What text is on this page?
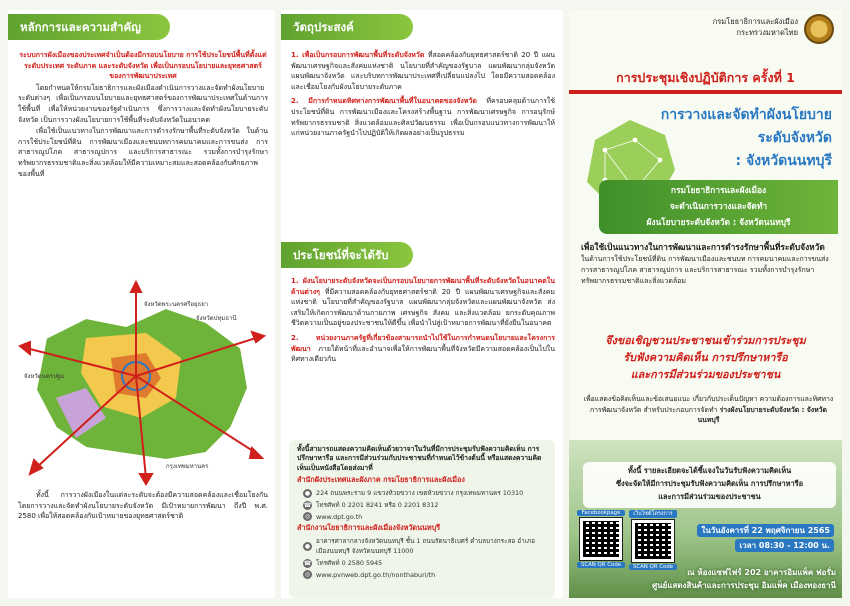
หลักการและความสำคัญ

ระบบการผังเมืองของประเทศจำเป็นต้องมีกรอบนโยบาย การใช้ประโยชน์พื้นที่ตั้งแต่ระดับประเทศ ระดับภาค และระดับจังหวัด เพื่อเป็นกรอบนโยบายและยุทธศาสตร์ของการพัฒนาประเทศ

โดยกำหนดให้กรมโยธาธิการและผังเมืองดำเนินการวางและจัดทำผังนโยบายระดับต่างๆ เพื่อเป็นกรอบนโยบายและยุทธศาสตร์ของการพัฒนาประเทศในด้านการใช้พื้นที่ เพื่อให้หน่วยงานของรัฐดำเนินการ ซึ่งการวางและจัดทำผังนโยบายระดับจังหวัด เป็นการวางผังนโยบายการใช้พื้นที่ระดับจังหวัดในอนาคต

เพื่อใช้เป็นแนวทางในการพัฒนาและการดำรงรักษาพื้นที่ระดับจังหวัด ในด้านการใช้ประโยชน์ที่ดิน การพัฒนาเมืองและชนบทการคมนาคมและการขนส่ง การสาธารณูปโภค สาธารณูปการ และบริการสาธารณะ รวมทั้งการบำรุงรักษาทรัพยากรธรรมชาติและสิ่งแวดล้อมให้มีความเหมาะสมและสอดคล้องกับศักยภาพของพื้นที่

จังหวัดพระนครศรีอยุธยา
จังหวัดปทุมธานี
จังหวัดนครปฐม
กรุงเทพมหานคร

ทั้งนี้ การวางผังเมืองในแต่ละระดับจะต้องมีความสอดคล้องและเชื่อมโยงกัน โดยการวางและจัดทำผังนโยบายระดับจังหวัด มีเป้าหมายการพัฒนา ถึงปี พ.ศ. 2580 เพื่อให้สอดคล้องกับเป้าหมายของยุทธศาสตร์ชาติ

วัตถุประสงค์

1. เพื่อเป็นกรอบการพัฒนาพื้นที่ระดับจังหวัด ที่สอดคล้องกับยุทธศาสตร์ชาติ 20 ปี แผนพัฒนาเศรษฐกิจและสังคมแห่งชาติ นโยบายที่สำคัญของรัฐบาล แผนพัฒนากลุ่มจังหวัด แผนพัฒนาจังหวัด และบริบทการพัฒนาประเทศที่เปลี่ยนแปลงไป โดยมีความสอดคล้องและเชื่อมโยงกับผังนโยบายระดับภาค

2. มีการกำหนดทิศทางการพัฒนาพื้นที่ในอนาคตของจังหวัด ที่ครอบคลุมด้านการใช้ประโยชน์ที่ดิน การพัฒนาเมืองและโครงสร้างพื้นฐาน การพัฒนาเศรษฐกิจ การอนุรักษ์ทรัพยากรธรรมชาติ สิ่งแวดล้อมและศิลปวัฒนธรรม เพื่อเป็นกรอบแนวทางการพัฒนาให้แก่หน่วยงานภาครัฐนำไปปฏิบัติให้เกิดผลอย่างเป็นรูปธรรม

ประโยชน์ที่จะได้รับ

1. ผังนโยบายระดับจังหวัดจะเป็นกรอบนโยบายการพัฒนาพื้นที่ระดับจังหวัดในอนาคตในด้านต่างๆ ที่มีความสอดคล้องกับยุทธศาสตร์ชาติ 20 ปี แผนพัฒนาเศรษฐกิจและสังคมแห่งชาติ นโยบายที่สำคัญของรัฐบาล แผนพัฒนากลุ่มจังหวัดและแผนพัฒนาจังหวัด ส่งเสริมให้เกิดการพัฒนาด้านกายภาพ เศรษฐกิจ สังคม และสิ่งแวดล้อม ยกระดับคุณภาพชีวิตความเป็นอยู่ของประชาชนให้ดีขึ้น เพื่อนำไปสู่เป้าหมายการพัฒนาที่ยั่งยืนในอนาคต

2. หน่วยงานภาครัฐที่เกี่ยวข้องสามารถนำไปใช้ในการกำหนดนโยบายและโครงการพัฒนา ภายใต้หน้าที่และอำนาจเพื่อให้การพัฒนาพื้นที่จังหวัดมีความสอดคล้องเป็นไปในทิศทางเดียวกัน

ทั้งนี้สามารถแสดงความคิดเห็นด้วยวาจาในวันที่มีการประชุมรับฟังความคิดเห็น การปรึกษาหารือ และการมีส่วนร่วมกับประชาชนที่กำหนดไว้ข้างต้นนี้ หรือแสดงความคิดเห็นเป็นหนังสือโดยส่งมาที่
สำนักผังประเทศและผังภาค กรมโยธาธิการและผังเมือง
● 224 ถนนพระราม 9 แขวงห้วยขวาง เขตห้วยขวาง กรุงเทพมหานคร 10310
☎ โทรศัพท์ 0 2201 8241 หรือ 0 2201 8312
◎ www.dpt.go.th
สำนักงานโยธาธิการและผังเมืองจังหวัดนนทบุรี
●
อาคารศาลากลางจังหวัดนนทบุรี ชั้น 1 ถนนรัตนาธิเบศร์ ตำบลบางกระสอ อำเภอเมืองนนทบุรี จังหวัดนนทบุรี 11000
☎ โทรศัพท์ 0 2580 5945
◎ www.pvnweb.dpt.go.th/nonthaburi/th
กรมโยธาธิการและผังเมือง
กระทรวงมหาดไทย
การประชุมเชิงปฏิบัติการ ครั้งที่ 1
การวางและจัดทำผังนโยบาย
ระดับจังหวัด
: จังหวัดนนทบุรี
กรมโยธาธิการและผังเมือง
จะดำเนินการวางและจัดทำ
ผังนโยบายระดับจังหวัด : จังหวัดนนทบุรี
เพื่อใช้เป็นแนวทางในการพัฒนาและการดำรงรักษาพื้นที่ระดับจังหวัด ในด้านการใช้ประโยชน์ที่ดิน การพัฒนาเมืองและชนบท การคมนาคมและการขนส่ง การสาธารณูปโภค สาธารณูปการ และบริการสาธารณะ รวมทั้งการบำรุงรักษาทรัพยากรธรรมชาติและสิ่งแวดล้อม
จึงขอเชิญชวนประชาชนเข้าร่วมการประชุม
รับฟังความคิดเห็น การปรึกษาหารือ
และการมีส่วนร่วมของประชาชน
เพื่อแสดงข้อคิดเห็นและข้อเสนอแนะ เกี่ยวกับประเด็นปัญหา ความต้องการและทิศทางการพัฒนาจังหวัด สำหรับประกอบการจัดทำ ร่างผังนโยบายระดับจังหวัด : จังหวัดนนทบุรี
ทั้งนี้ รายละเอียดจะได้ชี้แจงในวันรับฟังความคิดเห็น
ซึ่งจะจัดให้มีการประชุมรับฟังความคิดเห็น การปรึกษาหารือ
และการมีส่วนร่วมของประชาชน
Facebookpage
SCAN QR Code
เว็บไซต์โครงการ
SCAN QR Code
ในวันอังคารที่ 22 พฤศจิกายน 2565
เวลา 08:30 - 12:00 น.
ณ ห้องแซฟไฟร์ 202 อาคารอิมแพ็ค ฟอรั่ม
ศูนย์แสดงสินค้าและการประชุม อิมแพ็ค เมืองทองธานี
